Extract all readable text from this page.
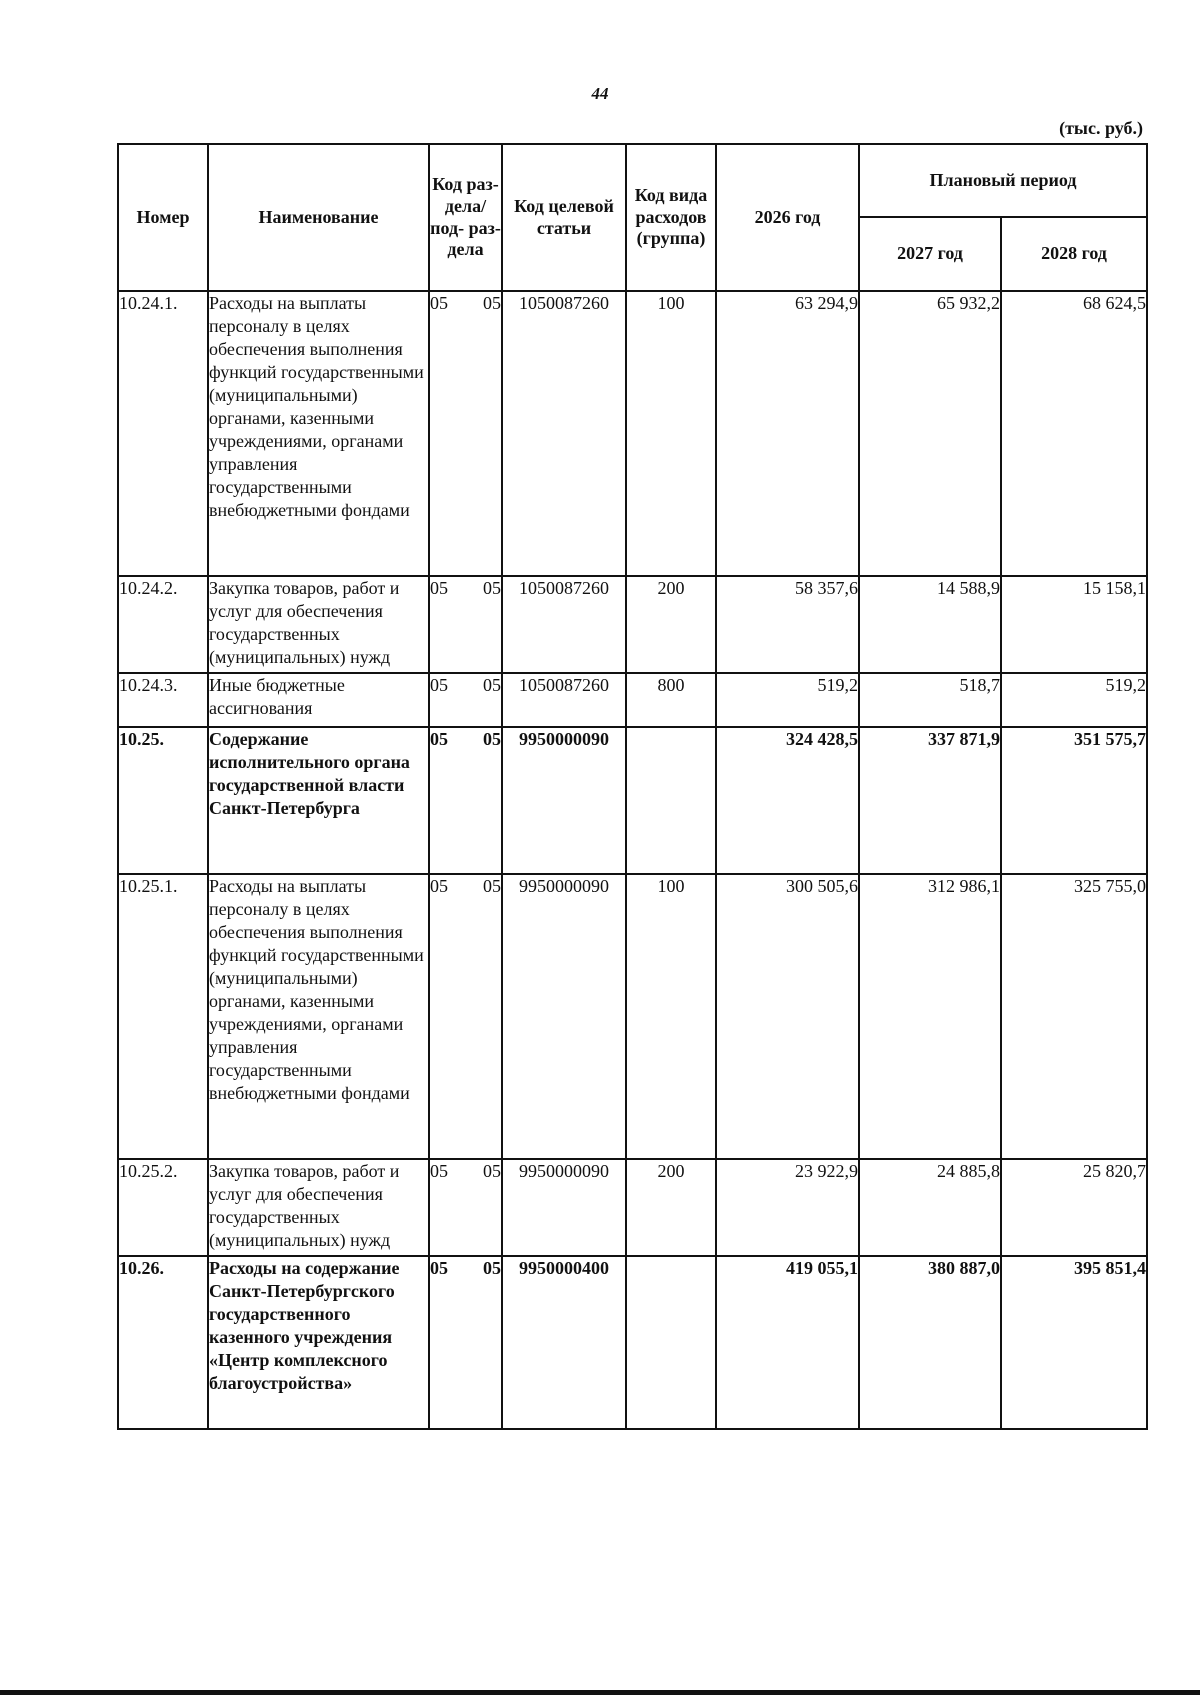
44
(тыс. руб.)
Номер	Наименование	Код раз- дела/ под- раз- дела	Код целевой статьи	Код вида расходов (группа)	2026 год	Плановый период	
						2027 год	2028 год
10.24.1.	Расходы на выплаты персоналу в целях обеспечения выполнения функций государственными (муниципальными) органами, казенными учреждениями, органами управления государственными внебюджетными фондами	05 05	1050087260	100	63 294,9	65 932,2	68 624,5
10.24.2.	Закупка товаров, работ и услуг для обеспечения государственных (муниципальных) нужд	05 05	1050087260	200	58 357,6	14 588,9	15 158,1
10.24.3.	Иные бюджетные ассигнования	05 05	1050087260	800	519,2	518,7	519,2
10.25.	Содержание исполнительного органа государственной власти Санкт-Петербурга	05 05	9950000090		324 428,5	337 871,9	351 575,7
10.25.1.	Расходы на выплаты персоналу в целях обеспечения выполнения функций государственными (муниципальными) органами, казенными учреждениями, органами управления государственными внебюджетными фондами	05 05	9950000090	100	300 505,6	312 986,1	325 755,0
10.25.2.	Закупка товаров, работ и услуг для обеспечения государственных (муниципальных) нужд	05 05	9950000090	200	23 922,9	24 885,8	25 820,7
10.26.	Расходы на содержание Санкт-Петербургского государственного казенного учреждения «Центр комплексного благоустройства»	05 05	9950000400		419 055,1	380 887,0	395 851,4
